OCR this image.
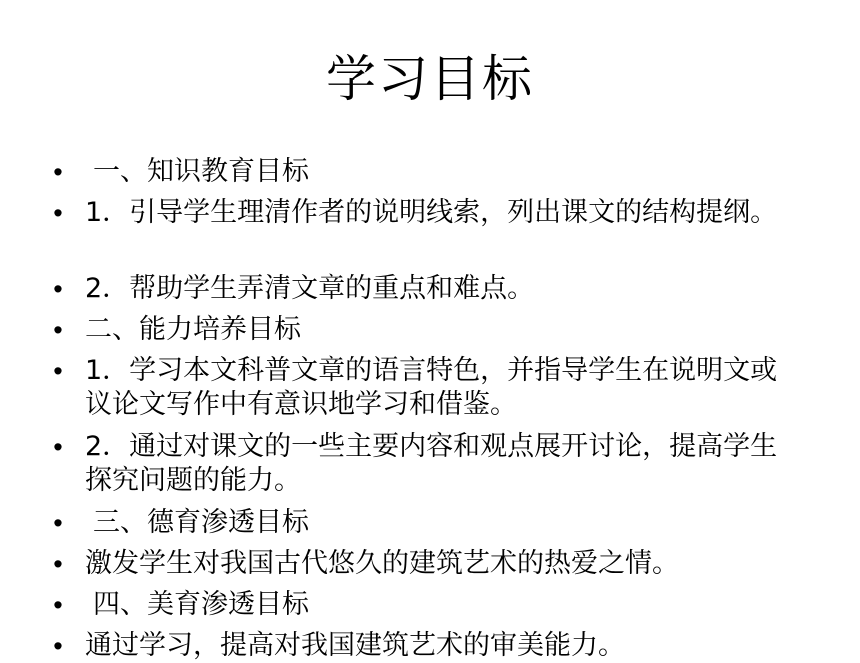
学习目标
• 一、知识教育目标
• 1．引导学生理清作者的说明线索，列出课文的结构提纲。
• 2．帮助学生弄清文章的重点和难点。
• 二、能力培养目标
• 1．学习本文科普文章的语言特色，并指导学生在说明文或议论文写作中有意识地学习和借鉴。
• 2．通过对课文的一些主要内容和观点展开讨论，提高学生探究问题的能力。
• 三、德育渗透目标
• 激发学生对我国古代悠久的建筑艺术的热爱之情。
• 四、美育渗透目标
• 通过学习，提高对我国建筑艺术的审美能力。
